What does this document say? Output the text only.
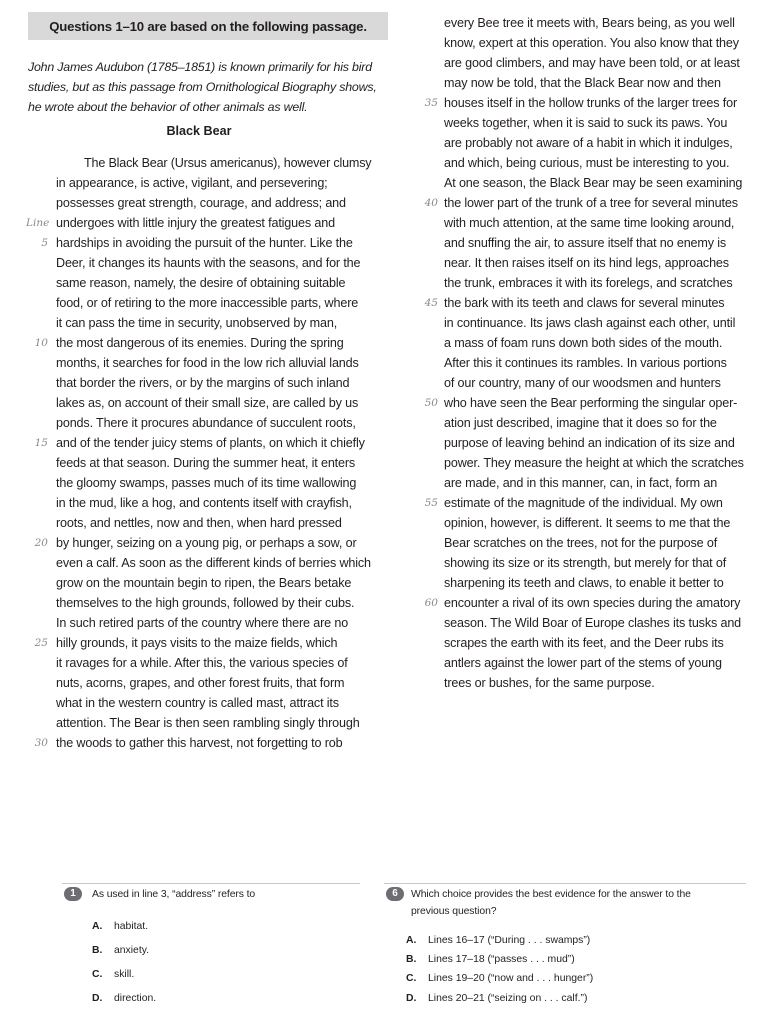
Questions 1–10 are based on the following passage.
John James Audubon (1785–1851) is known primarily for his bird
studies, but as this passage from Ornithological Biography shows,
he wrote about the behavior of other animals as well.
Black Bear
The Black Bear (Ursus americanus), however clumsy
in appearance, is active, vigilant, and persevering;
possesses great strength, courage, and address; and
undergoes with little injury the greatest fatigues and
Line
hardships in avoiding the pursuit of the hunter. Like the
5
Deer, it changes its haunts with the seasons, and for the
same reason, namely, the desire of obtaining suitable
food, or of retiring to the more inaccessible parts, where
it can pass the time in security, unobserved by man,
the most dangerous of its enemies. During the spring
10
months, it searches for food in the low rich alluvial lands
that border the rivers, or by the margins of such inland
lakes as, on account of their small size, are called by us
ponds. There it procures abundance of succulent roots,
and of the tender juicy stems of plants, on which it chiefly
15
feeds at that season. During the summer heat, it enters
the gloomy swamps, passes much of its time wallowing
in the mud, like a hog, and contents itself with crayfish,
roots, and nettles, now and then, when hard pressed
by hunger, seizing on a young pig, or perhaps a sow, or
20
even a calf. As soon as the different kinds of berries which
grow on the mountain begin to ripen, the Bears betake
themselves to the high grounds, followed by their cubs.
In such retired parts of the country where there are no
hilly grounds, it pays visits to the maize fields, which
25
it ravages for a while. After this, the various species of
nuts, acorns, grapes, and other forest fruits, that form
what in the western country is called mast, attract its
attention. The Bear is then seen rambling singly through
the woods to gather this harvest, not forgetting to rob
30
every Bee tree it meets with, Bears being, as you well
know, expert at this operation. You also know that they
are good climbers, and may have been told, or at least
may now be told, that the Black Bear now and then
houses itself in the hollow trunks of the larger trees for
35
weeks together, when it is said to suck its paws. You
are probably not aware of a habit in which it indulges,
and which, being curious, must be interesting to you.
At one season, the Black Bear may be seen examining
the lower part of the trunk of a tree for several minutes
40
with much attention, at the same time looking around,
and snuffing the air, to assure itself that no enemy is
near. It then raises itself on its hind legs, approaches
the trunk, embraces it with its forelegs, and scratches
the bark with its teeth and claws for several minutes
45
in continuance. Its jaws clash against each other, until
a mass of foam runs down both sides of the mouth.
After this it continues its rambles. In various portions
of our country, many of our woodsmen and hunters
who have seen the Bear performing the singular oper-
50
ation just described, imagine that it does so for the
purpose of leaving behind an indication of its size and
power. They measure the height at which the scratches
are made, and in this manner, can, in fact, form an
estimate of the magnitude of the individual. My own
55
opinion, however, is different. It seems to me that the
Bear scratches on the trees, not for the purpose of
showing its size or its strength, but merely for that of
sharpening its teeth and claws, to enable it better to
encounter a rival of its own species during the amatory
60
season. The Wild Boar of Europe clashes its tusks and
scrapes the earth with its feet, and the Deer rubs its
antlers against the lower part of the stems of young
trees or bushes, for the same purpose.
1	As used in line 3, “address” refers to
A. habitat.
B. anxiety.
C. skill.
D. direction.
6	Which choice provides the best evidence for the answer to the previous question?
A. Lines 16–17 (“During . . . swamps”)
B. Lines 17–18 (“passes . . . mud”)
C. Lines 19–20 (“now and . . . hunger”)
D. Lines 20–21 (“seizing on . . . calf.”)
